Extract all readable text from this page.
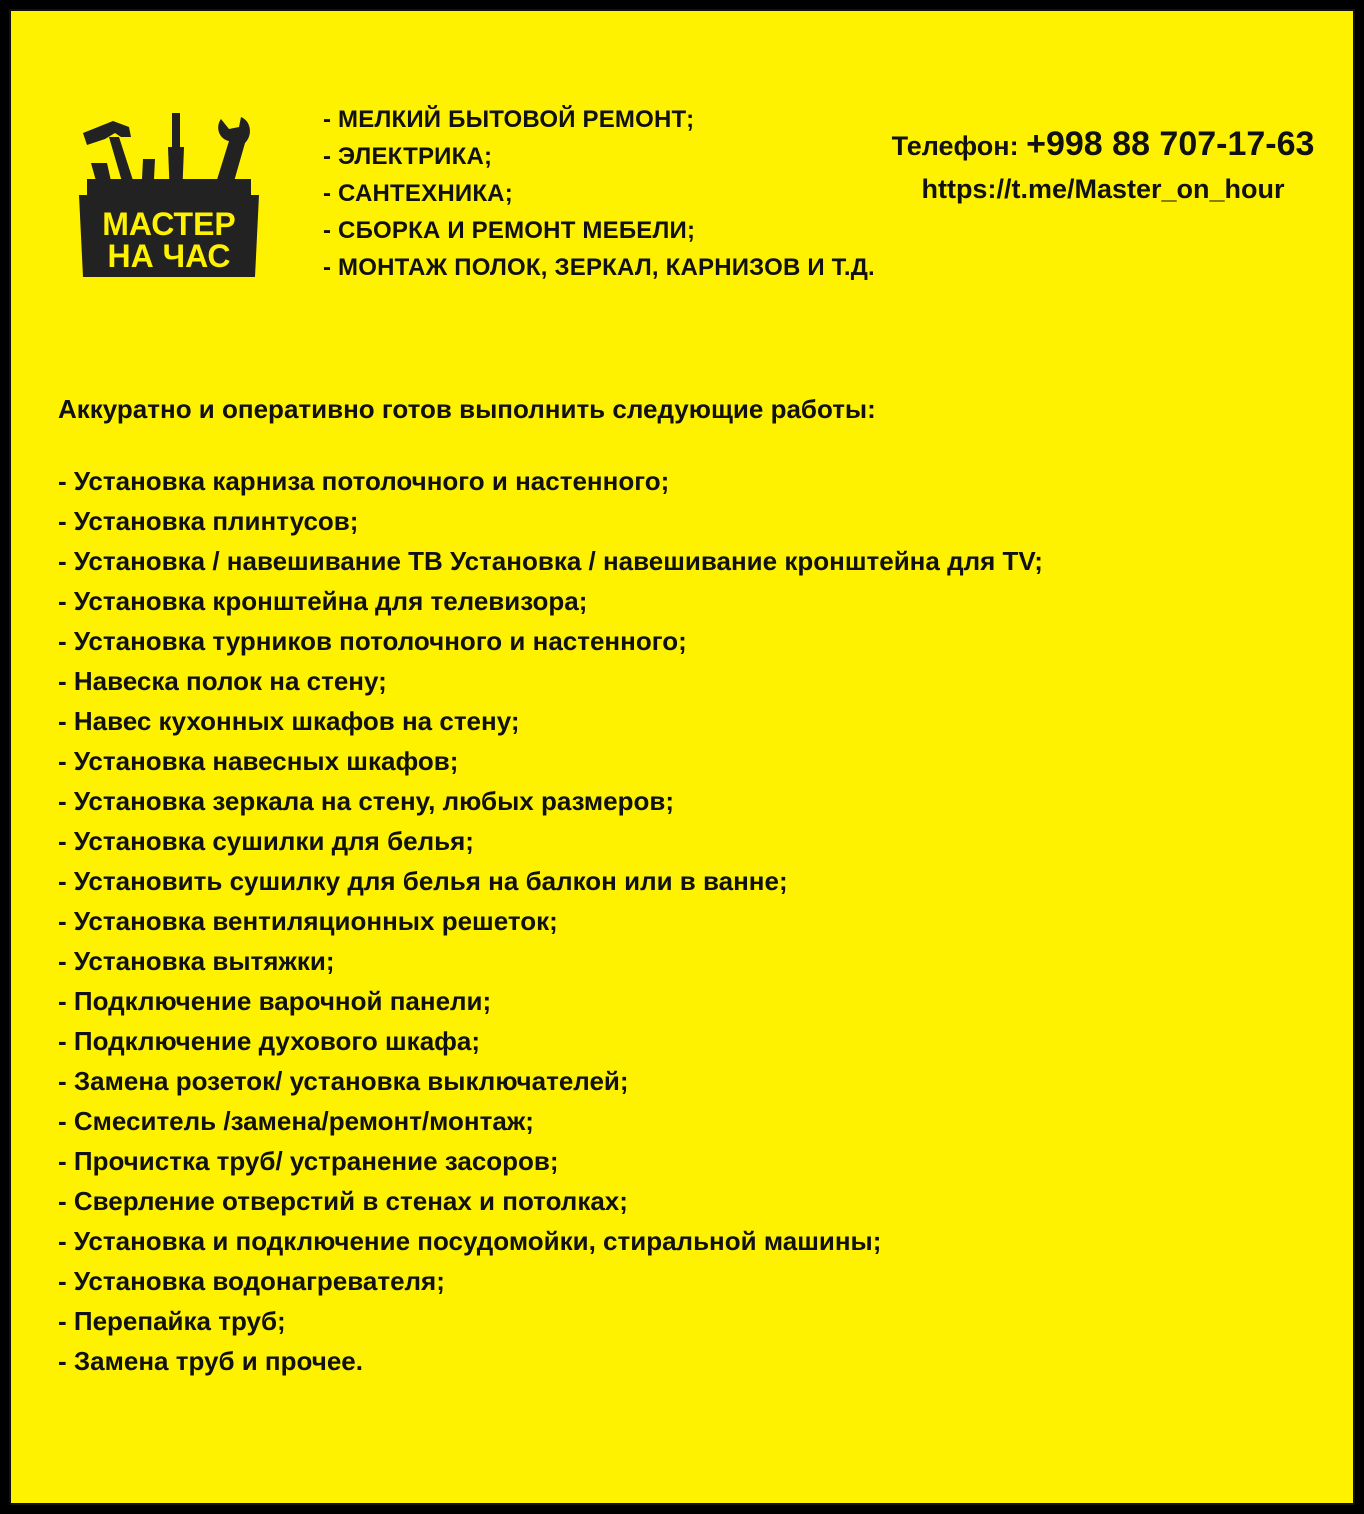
МАСТЕР
НА ЧАС
- МЕЛКИЙ БЫТОВОЙ РЕМОНТ;
- ЭЛЕКТРИКА;
- САНТЕХНИКА;
- СБОРКА И РЕМОНТ МЕБЕЛИ;
- МОНТАЖ ПОЛОК, ЗЕРКАЛ, КАРНИЗОВ И Т.Д.
Телефон: +998 88 707-17-63
https://t.me/Master_on_hour
Аккуратно и оперативно готов выполнить следующие работы:
- Установка карниза потолочного и настенного;
- Установка плинтусов;
- Установка / навешивание ТВ Установка / навешивание кронштейна для TV;
- Установка кронштейна для телевизора;
- Установка турников потолочного и настенного;
- Навеска полок на стену;
- Навес кухонных шкафов на стену;
- Установка навесных шкафов;
- Установка зеркала на стену, любых размеров;
- Установка сушилки для белья;
- Установить сушилку для белья на балкон или в ванне;
- Установка вентиляционных решеток;
- Установка вытяжки;
- Подключение варочной панели;
- Подключение духового шкафа;
- Замена розеток/ установка выключателей;
- Смеситель /замена/ремонт/монтаж;
- Прочистка труб/ устранение засоров;
- Сверление отверстий в стенах и потолках;
- Установка и подключение посудомойки, стиральной машины;
- Установка водонагревателя;
- Перепайка труб;
- Замена труб и прочее.
